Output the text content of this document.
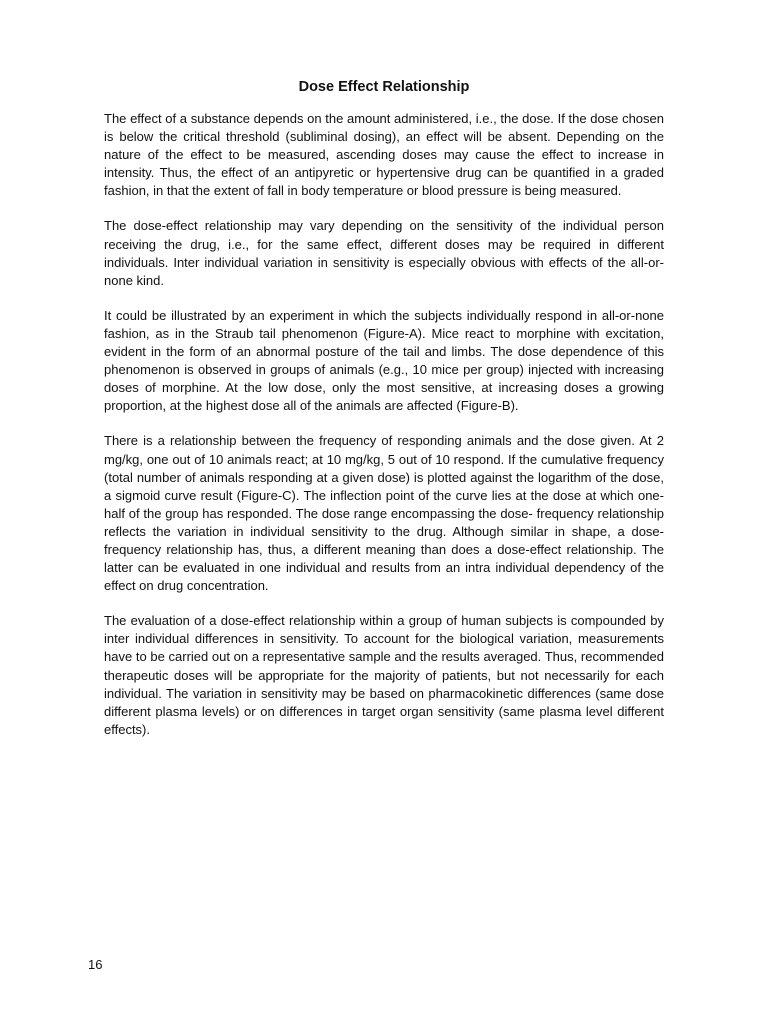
Dose Effect Relationship

The effect of a substance depends on the amount administered, i.e., the dose. If the dose chosen is below the critical threshold (subliminal dosing), an effect will be absent. Depending on the nature of the effect to be measured, ascending doses may cause the effect to increase in intensity. Thus, the effect of an antipyretic or hypertensive drug can be quantified in a graded fashion, in that the extent of fall in body temperature or blood pressure is being measured.

The dose-effect relationship may vary depending on the sensitivity of the individual person receiving the drug, i.e., for the same effect, different doses may be required in different individuals. Inter individual variation in sensitivity is especially obvious with effects of the all-or- none kind.

It could be illustrated by an experiment in which the subjects individually respond in all-or-none fashion, as in the Straub tail phenomenon (Figure-A). Mice react to morphine with excitation, evident in the form of an abnormal posture of the tail and limbs. The dose dependence of this phenomenon is observed in groups of animals (e.g., 10 mice per group) injected with increasing doses of morphine. At the low dose, only the most sensitive, at increasing doses a growing proportion, at the highest dose all of the animals are affected (Figure-B).

There is a relationship between the frequency of responding animals and the dose given. At 2 mg/kg, one out of 10 animals react; at 10 mg/kg, 5 out of 10 respond. If the cumulative frequency (total number of animals responding at a given dose) is plotted against the logarithm of the dose, a sigmoid curve result (Figure-C). The inflection point of the curve lies at the dose at which one-half of the group has responded. The dose range encompassing the dose- frequency relationship reflects the variation in individual sensitivity to the drug. Although similar in shape, a dose-frequency relationship has, thus, a different meaning than does a dose-effect relationship. The latter can be evaluated in one individual and results from an intra individual dependency of the effect on drug concentration.

The evaluation of a dose-effect relationship within a group of human subjects is compounded by inter individual differences in sensitivity. To account for the biological variation, measurements have to be carried out on a representative sample and the results averaged. Thus, recommended therapeutic doses will be appropriate for the majority of patients, but not necessarily for each individual. The variation in sensitivity may be based on pharmacokinetic differences (same dose different plasma levels) or on differences in target organ sensitivity (same plasma level different effects).

16
